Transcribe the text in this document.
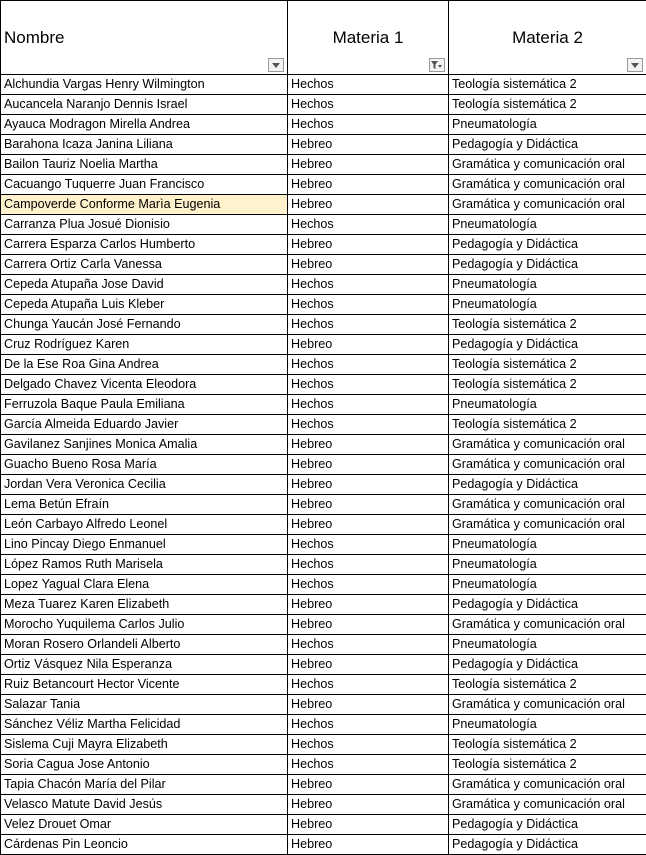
Nombre	Materia 1	Materia 2

Alchundia Vargas Henry Wilmington	Hechos	Teología sistemática 2
Aucancela Naranjo Dennis Israel	Hechos	Teología sistemática 2
Ayauca Modragon Mirella Andrea	Hechos	Pneumatología
Barahona Icaza Janina Liliana	Hebreo	Pedagogía y Didáctica
Bailon Tauriz Noelia Martha	Hebreo	Gramática y comunicación oral
Cacuango Tuquerre Juan Francisco	Hebreo	Gramática y comunicación oral
Campoverde Conforme Marìa Eugenia	Hebreo	Gramática y comunicación oral
Carranza Plua Josué Dionisio	Hechos	Pneumatología
Carrera Esparza Carlos Humberto	Hebreo	Pedagogía y Didáctica
Carrera Ortiz Carla Vanessa	Hebreo	Pedagogía y Didáctica
Cepeda Atupaña Jose David	Hechos	Pneumatología
Cepeda Atupaña Luis Kleber	Hechos	Pneumatología
Chunga Yaucán José Fernando	Hechos	Teología sistemática 2
Cruz Rodríguez Karen	Hebreo	Pedagogía y Didáctica
De la Ese Roa Gina Andrea	Hechos	Teología sistemática 2
Delgado Chavez Vicenta Eleodora	Hechos	Teología sistemática 2
Ferruzola Baque Paula Emiliana	Hechos	Pneumatología
García Almeida Eduardo Javier	Hechos	Teología sistemática 2
Gavilanez Sanjines Monica Amalia	Hebreo	Gramática y comunicación oral
Guacho Bueno Rosa María	Hebreo	Gramática y comunicación oral
Jordan Vera Veronica Cecilia	Hebreo	Pedagogía y Didáctica
Lema Betún Efraín	Hebreo	Gramática y comunicación oral
León Carbayo Alfredo Leonel	Hebreo	Gramática y comunicación oral
Lino Pincay Diego Enmanuel	Hechos	Pneumatología
López Ramos Ruth Marisela	Hechos	Pneumatología
Lopez Yagual Clara Elena	Hechos	Pneumatología
Meza Tuarez Karen Elizabeth	Hebreo	Pedagogía y Didáctica
Morocho Yuquilema Carlos Julio	Hebreo	Gramática y comunicación oral
Moran Rosero Orlandeli Alberto	Hechos	Pneumatología
Ortiz Vásquez Nila Esperanza	Hebreo	Pedagogía y Didáctica
Ruiz Betancourt Hector Vicente	Hechos	Teología sistemática 2
Salazar Tania	Hebreo	Gramática y comunicación oral
Sánchez Véliz Martha Felicidad	Hechos	Pneumatología
Sislema Cuji Mayra Elizabeth	Hechos	Teología sistemática 2
Soria Cagua Jose Antonio	Hechos	Teología sistemática 2
Tapia Chacón María del Pilar	Hebreo	Gramática y comunicación oral
Velasco Matute David Jesús	Hebreo	Gramática y comunicación oral
Velez Drouet Omar	Hebreo	Pedagogía y Didáctica
Cárdenas Pin Leoncio	Hebreo	Pedagogía y Didáctica
